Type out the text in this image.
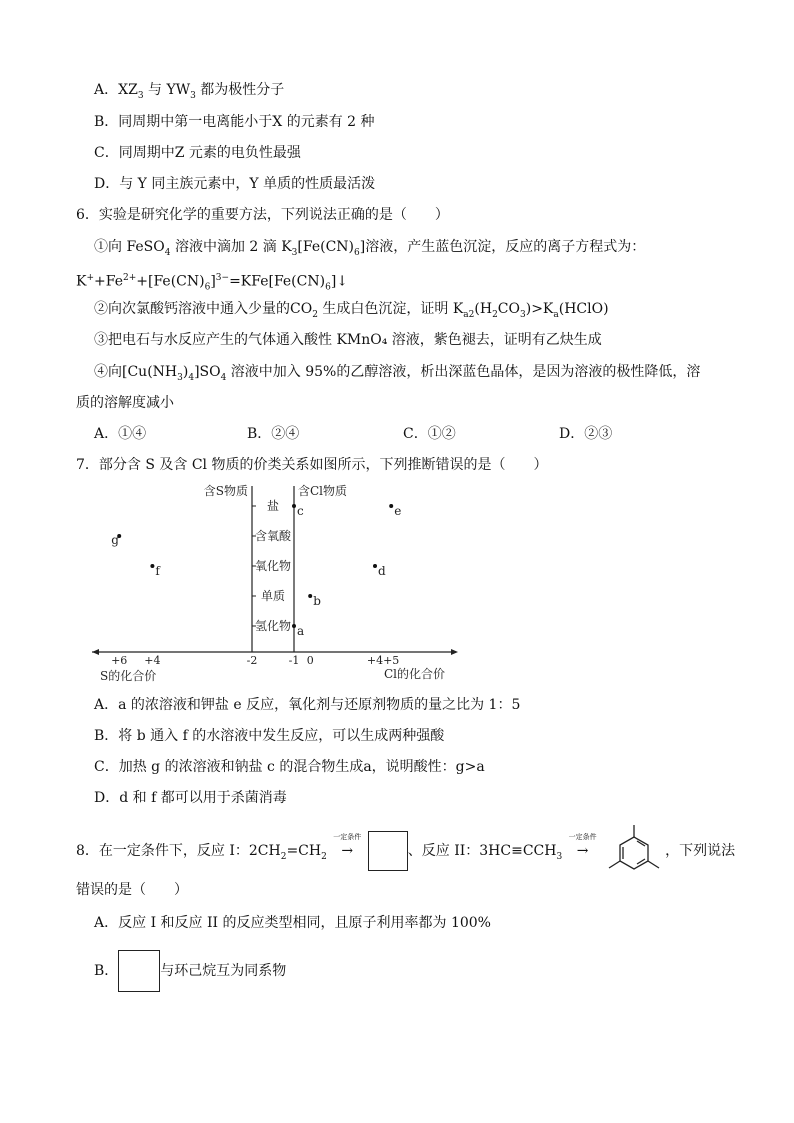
A．$XZ_3$ 与 $YW_3$ 都为极性分子
B．同周期中第一电离能小于X 的元素有 2 种
C．同周期中Z 元素的电负性最强
D．与 Y 同主族元素中，Y 单质的性质最活泼
6．实验是研究化学的重要方法，下列说法正确的是（　　）
①向 FeSO$_4$ 溶液中滴加 2 滴 $K_3[Fe(CN)_6]$溶液，产生蓝色沉淀，反应的离子方程式为：
$K^++Fe^{2+}+[Fe(CN)_6]^{3-}=KFe[Fe(CN)_6]↓$
②向次氯酸钙溶液中通入少量的$CO_2$ 生成白色沉淀，证明 $K_{a2}(H_2CO_3)>K_a(HClO)$
③把电石与水反应产生的气体通入酸性 KMnO₄ 溶液，紫色褪去，证明有乙炔生成
④向$[Cu(NH_3)_4]SO_4$ 溶液中加入 95%的乙醇溶液，析出深蓝色晶体，是因为溶液的极性降低，溶
质的溶解度减小
A．①④	B．②④	C．①②	D．②③
7．部分含 S 及含 Cl 物质的价类关系如图所示，下列推断错误的是（　　）
含S物质	含Cl物质
氢化物
单质
氧化物
含氧酸
盐
+6 +4	-2	-1 0	+4 +5
S的化合价	Cl的化合价
a
b
c
d
e
f
g
A．a 的浓溶液和钾盐 e 反应，氧化剂与还原剂物质的量之比为 1：5
B．将 b 通入 f 的水溶液中发生反应，可以生成两种强酸
C．加热 g 的浓溶液和钠盐 c 的混合物生成a，说明酸性：g>a
D．d 和 f 都可以用于杀菌消毒
8．在一定条件下，反应 I：$2CH_2=CH_2$
一定条件
→	、反应 II：$3HC\equiv CCH_3$
一定条件
→	，下列说法
错误的是（　　）
A．反应 I 和反应 II 的反应类型相同，且原子利用率都为 100%
B．	与环己烷互为同系物
